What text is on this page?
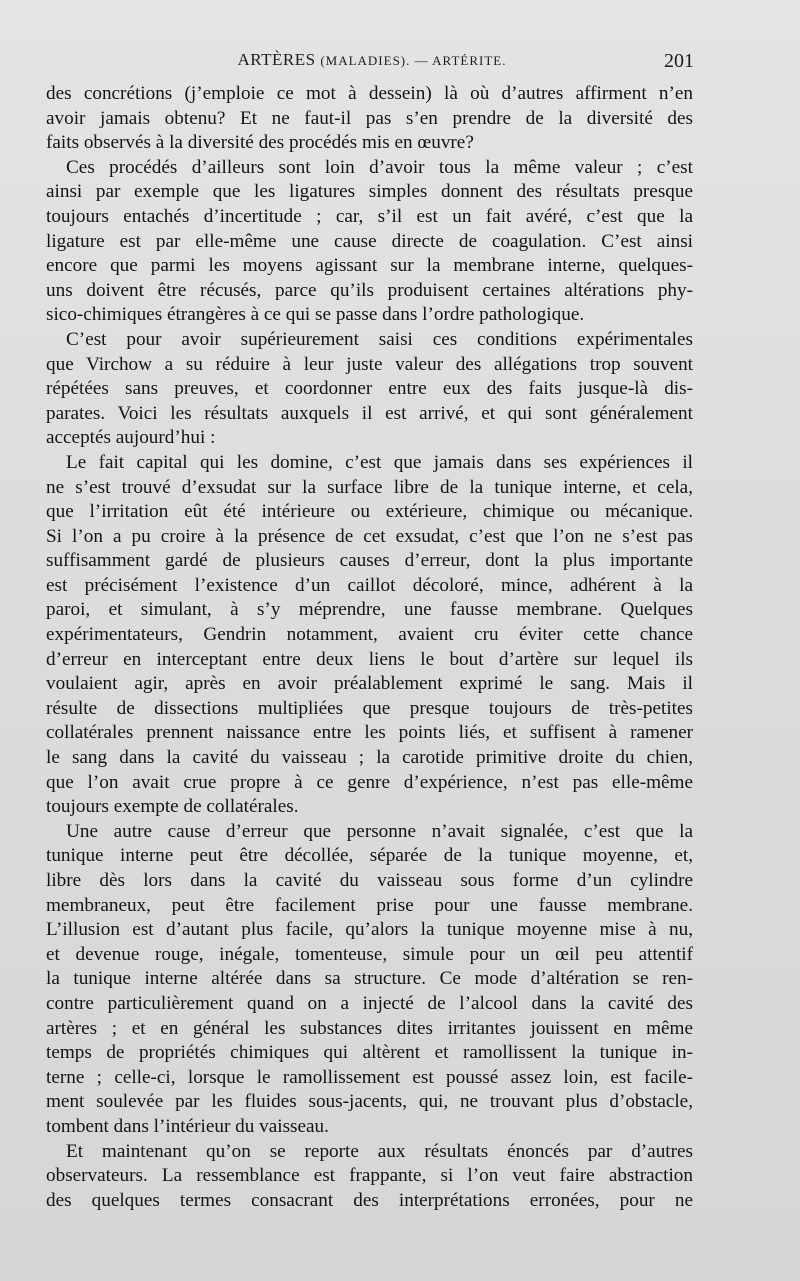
ARTÈRES (MALADIES). — ARTÉRITE.	201
des concrétions (j’emploie ce mot à dessein) là où d’autres affirment n’en
avoir jamais obtenu? Et ne faut-il pas s’en prendre de la diversité des
faits observés à la diversité des procédés mis en œuvre?
Ces procédés d’ailleurs sont loin d’avoir tous la même valeur ; c’est
ainsi par exemple que les ligatures simples donnent des résultats presque
toujours entachés d’incertitude ; car, s’il est un fait avéré, c’est que la
ligature est par elle-même une cause directe de coagulation. C’est ainsi
encore que parmi les moyens agissant sur la membrane interne, quelques-
uns doivent être récusés, parce qu’ils produisent certaines altérations phy-
sico-chimiques étrangères à ce qui se passe dans l’ordre pathologique.
C’est pour avoir supérieurement saisi ces conditions expérimentales
que Virchow a su réduire à leur juste valeur des allégations trop souvent
répétées sans preuves, et coordonner entre eux des faits jusque-là dis-
parates. Voici les résultats auxquels il est arrivé, et qui sont généralement
acceptés aujourd’hui :
Le fait capital qui les domine, c’est que jamais dans ses expériences il
ne s’est trouvé d’exsudat sur la surface libre de la tunique interne, et cela,
que l’irritation eût été intérieure ou extérieure, chimique ou mécanique.
Si l’on a pu croire à la présence de cet exsudat, c’est que l’on ne s’est pas
suffisamment gardé de plusieurs causes d’erreur, dont la plus importante
est précisément l’existence d’un caillot décoloré, mince, adhérent à la
paroi, et simulant, à s’y méprendre, une fausse membrane. Quelques
expérimentateurs, Gendrin notamment, avaient cru éviter cette chance
d’erreur en interceptant entre deux liens le bout d’artère sur lequel ils
voulaient agir, après en avoir préalablement exprimé le sang. Mais il
résulte de dissections multipliées que presque toujours de très-petites
collatérales prennent naissance entre les points liés, et suffisent à ramener
le sang dans la cavité du vaisseau ; la carotide primitive droite du chien,
que l’on avait crue propre à ce genre d’expérience, n’est pas elle-même
toujours exempte de collatérales.
Une autre cause d’erreur que personne n’avait signalée, c’est que la
tunique interne peut être décollée, séparée de la tunique moyenne, et,
libre dès lors dans la cavité du vaisseau sous forme d’un cylindre
membraneux, peut être facilement prise pour une fausse membrane.
L’illusion est d’autant plus facile, qu’alors la tunique moyenne mise à nu,
et devenue rouge, inégale, tomenteuse, simule pour un œil peu attentif
la tunique interne altérée dans sa structure. Ce mode d’altération se ren-
contre particulièrement quand on a injecté de l’alcool dans la cavité des
artères ; et en général les substances dites irritantes jouissent en même
temps de propriétés chimiques qui altèrent et ramollissent la tunique in-
terne ; celle-ci, lorsque le ramollissement est poussé assez loin, est facile-
ment soulevée par les fluides sous-jacents, qui, ne trouvant plus d’obstacle,
tombent dans l’intérieur du vaisseau.
Et maintenant qu’on se reporte aux résultats énoncés par d’autres
observateurs. La ressemblance est frappante, si l’on veut faire abstraction
des quelques termes consacrant des interprétations erronées, pour ne
